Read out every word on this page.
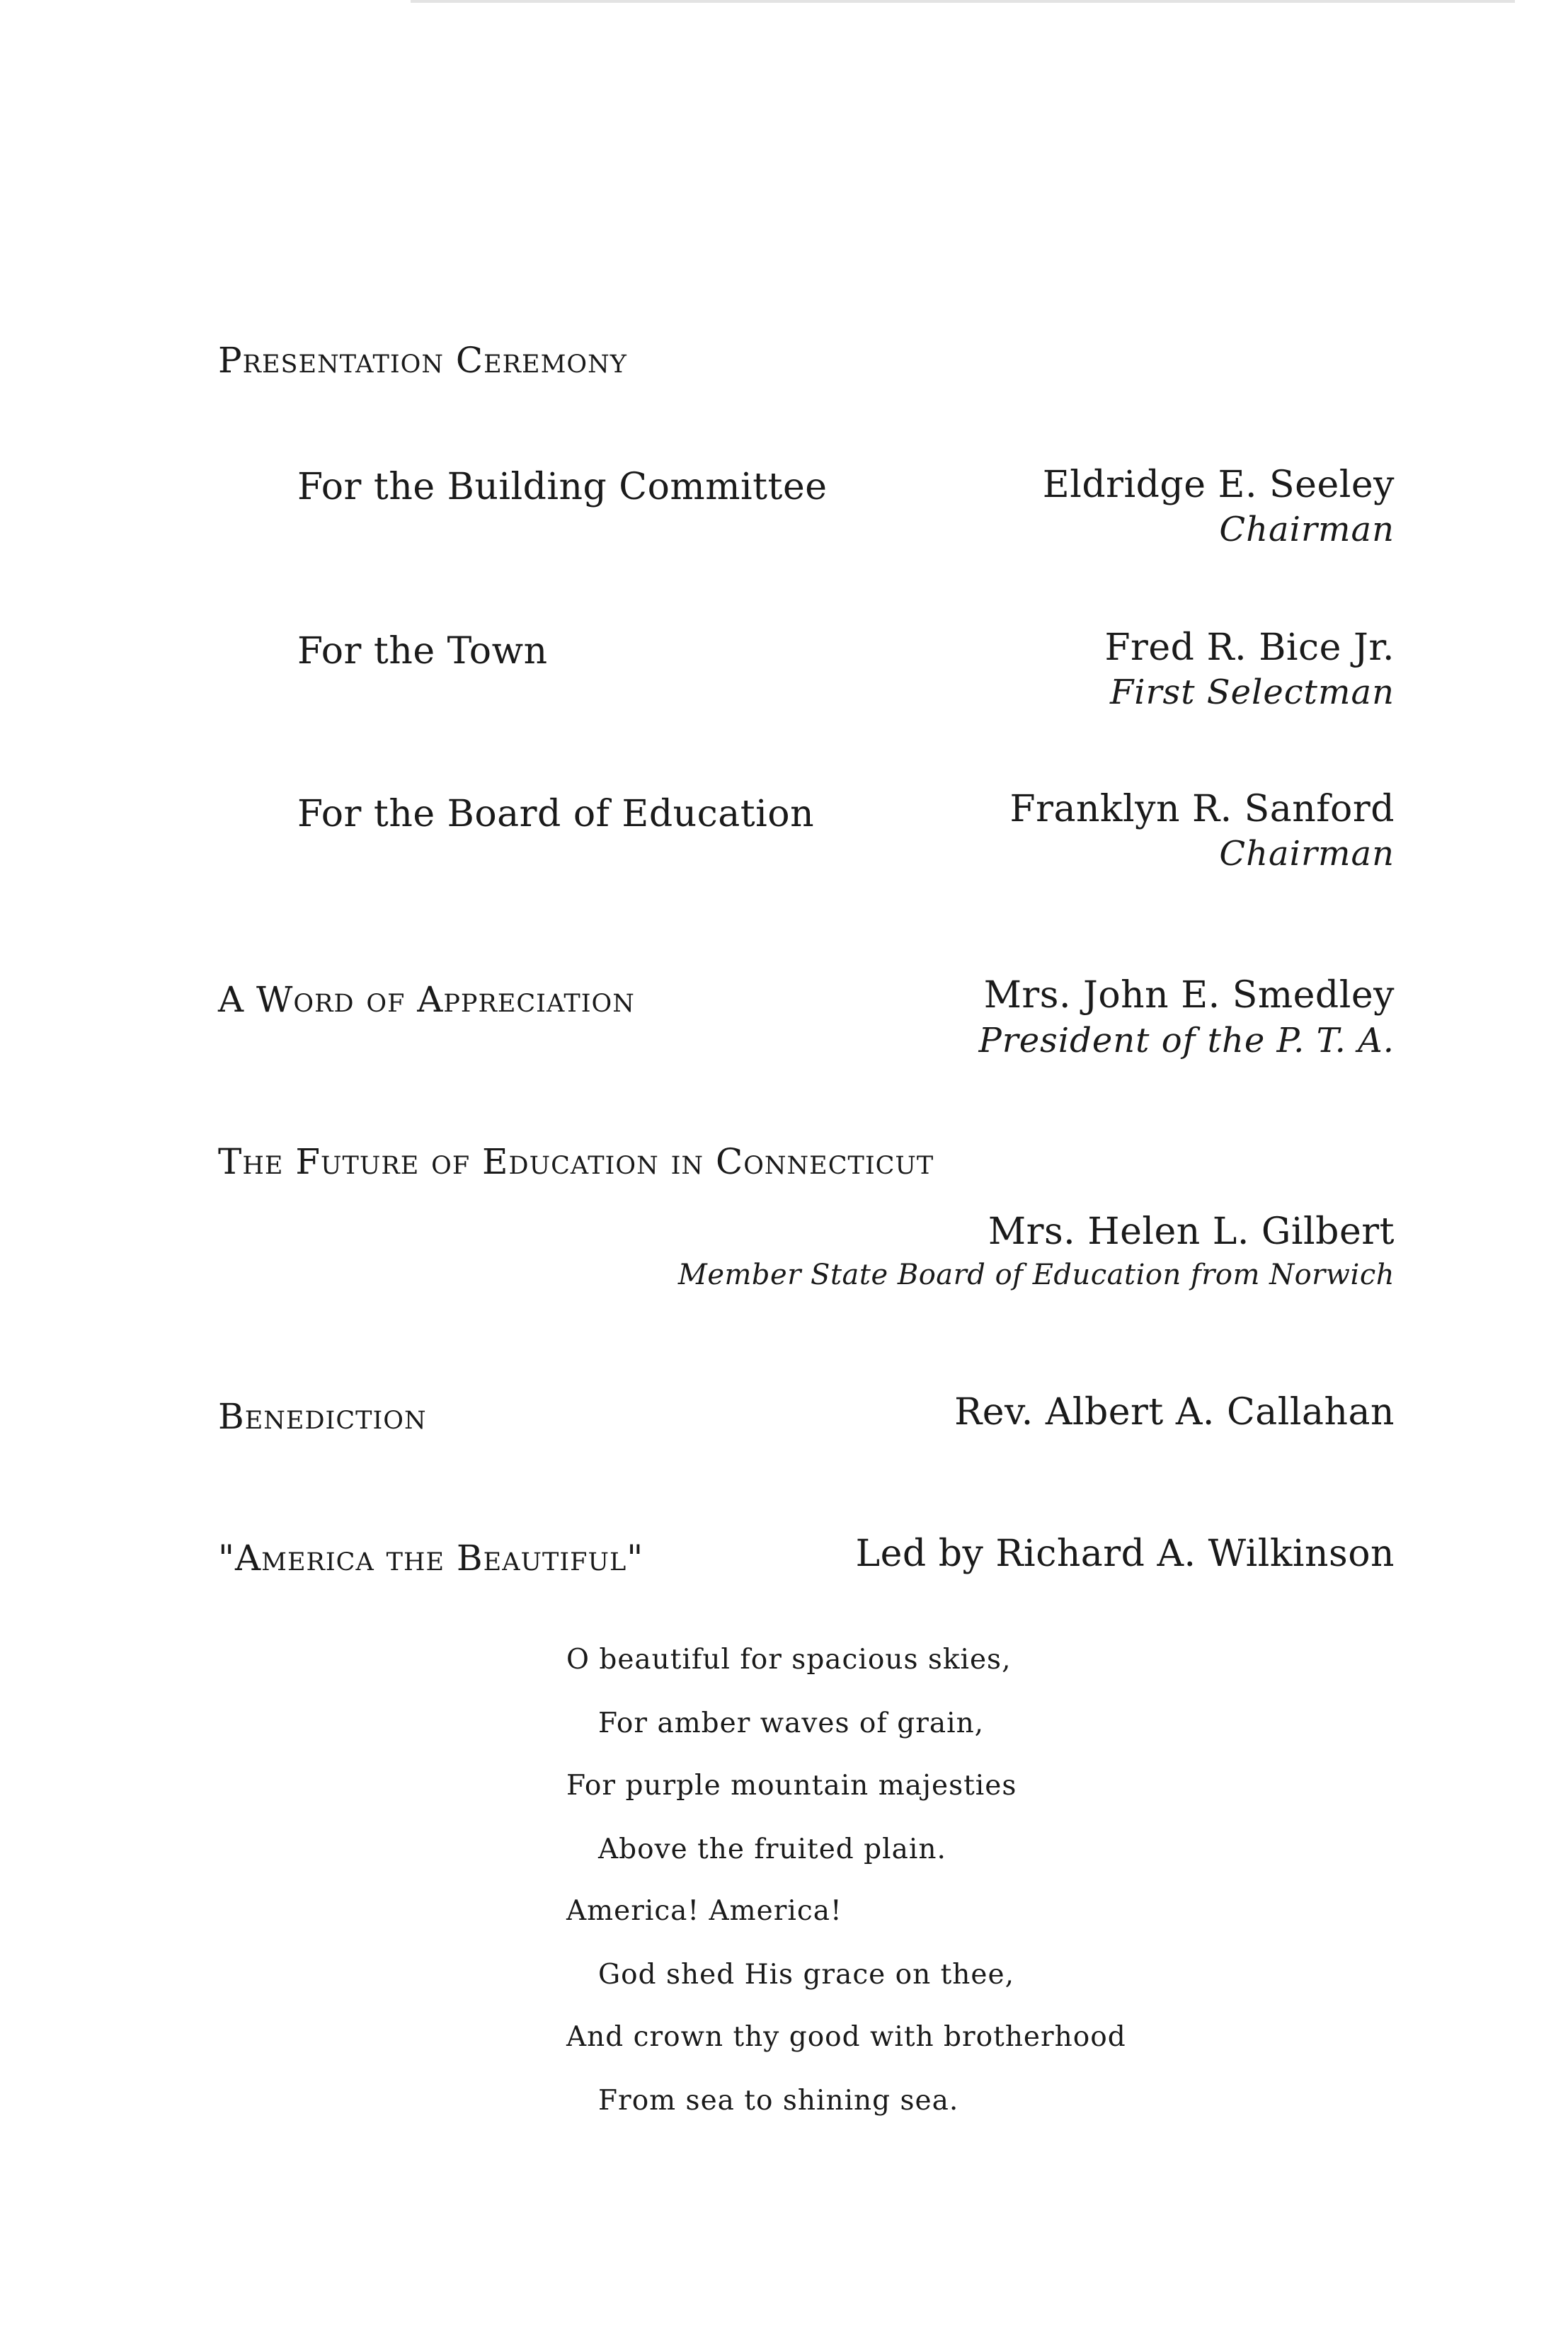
Presentation Ceremony
For the Building Committee	Eldridge E. Seeley
Chairman
For the Town	Fred R. Bice Jr.
First Selectman
For the Board of Education	Franklyn R. Sanford
Chairman
A Word of Appreciation	Mrs. John E. Smedley
President of the P. T. A.
The Future of Education in Connecticut
Mrs. Helen L. Gilbert
Member State Board of Education from Norwich
Benediction	Rev. Albert A. Callahan
"America the Beautiful"	Led by Richard A. Wilkinson
O beautiful for spacious skies,
For amber waves of grain,
For purple mountain majesties
Above the fruited plain.
America! America!
God shed His grace on thee,
And crown thy good with brotherhood
From sea to shining sea.
